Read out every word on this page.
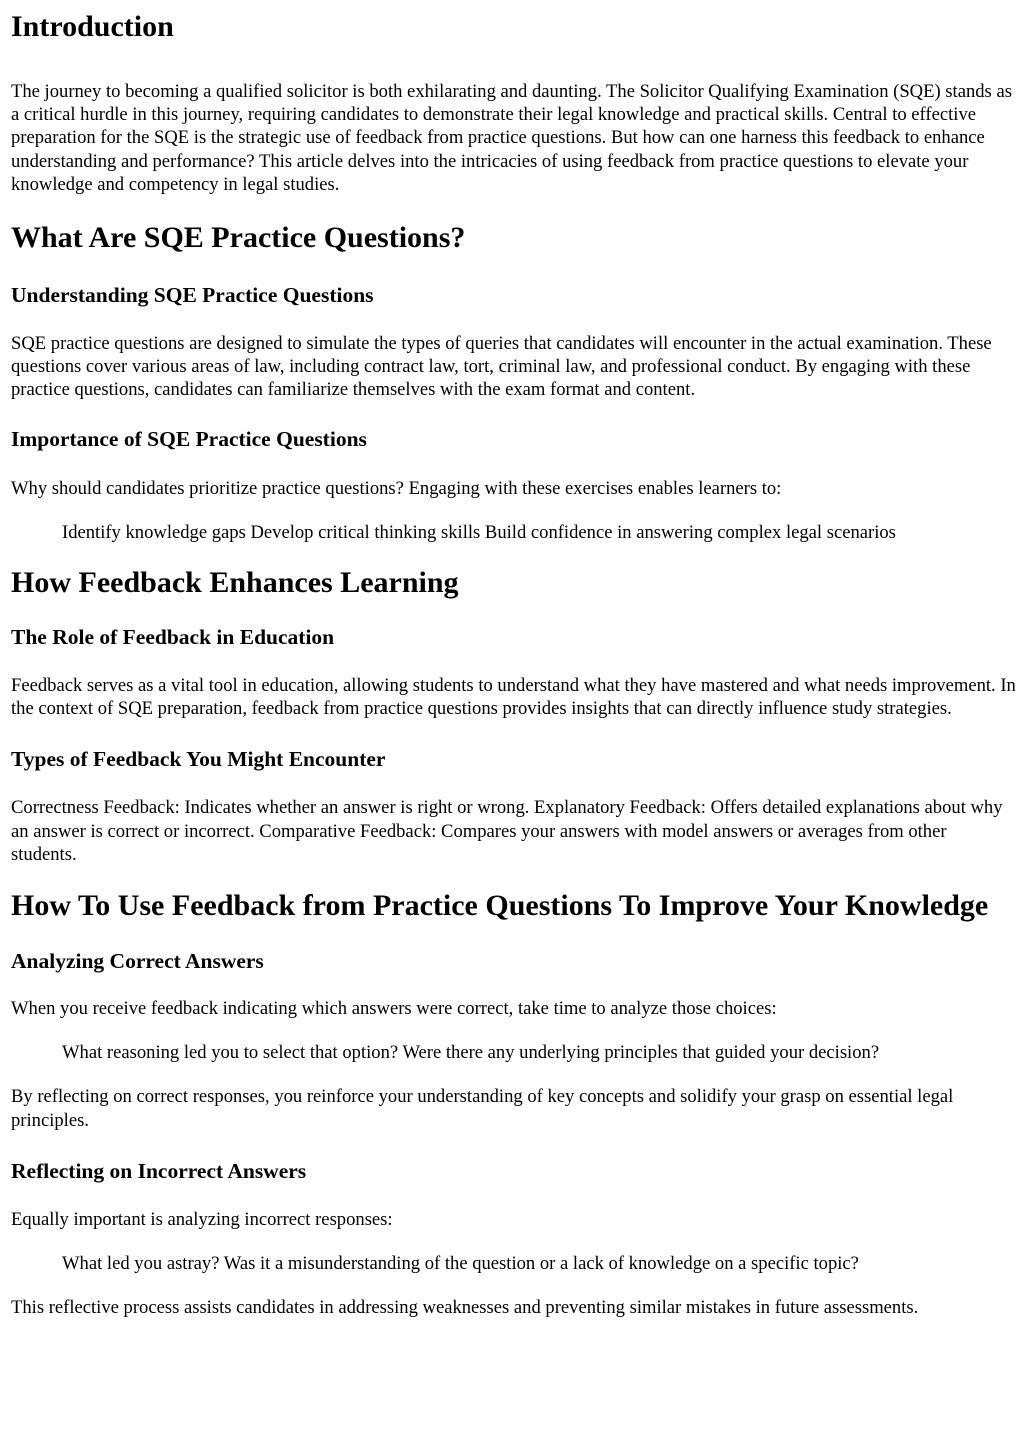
Introduction

The journey to becoming a qualified solicitor is both exhilarating and daunting. The Solicitor Qualifying Examination (SQE) stands as a critical hurdle in this journey, requiring candidates to demonstrate their legal knowledge and practical skills. Central to effective preparation for the SQE is the strategic use of feedback from practice questions. But how can one harness this feedback to enhance understanding and performance? This article delves into the intricacies of using feedback from practice questions to elevate your knowledge and competency in legal studies.

What Are SQE Practice Questions?
Understanding SQE Practice Questions

SQE practice questions are designed to simulate the types of queries that candidates will encounter in the actual examination. These questions cover various areas of law, including contract law, tort, criminal law, and professional conduct. By engaging with these practice questions, candidates can familiarize themselves with the exam format and content.

Importance of SQE Practice Questions

Why should candidates prioritize practice questions? Engaging with these exercises enables learners to:

Identify knowledge gaps Develop critical thinking skills Build confidence in answering complex legal scenarios
How Feedback Enhances Learning
The Role of Feedback in Education

Feedback serves as a vital tool in education, allowing students to understand what they have mastered and what needs improvement. In the context of SQE preparation, feedback from practice questions provides insights that can directly influence study strategies.

Types of Feedback You Might Encounter

Correctness Feedback: Indicates whether an answer is right or wrong. Explanatory Feedback: Offers detailed explanations about why an answer is correct or incorrect. Comparative Feedback: Compares your answers with model answers or averages from other students.

How To Use Feedback from Practice Questions To Improve Your Knowledge
Analyzing Correct Answers

When you receive feedback indicating which answers were correct, take time to analyze those choices:

What reasoning led you to select that option? Were there any underlying principles that guided your decision?

By reflecting on correct responses, you reinforce your understanding of key concepts and solidify your grasp on essential legal principles.

Reflecting on Incorrect Answers

Equally important is analyzing incorrect responses:

What led you astray? Was it a misunderstanding of the question or a lack of knowledge on a specific topic?

This reflective process assists candidates in addressing weaknesses and preventing similar mistakes in future assessments.
